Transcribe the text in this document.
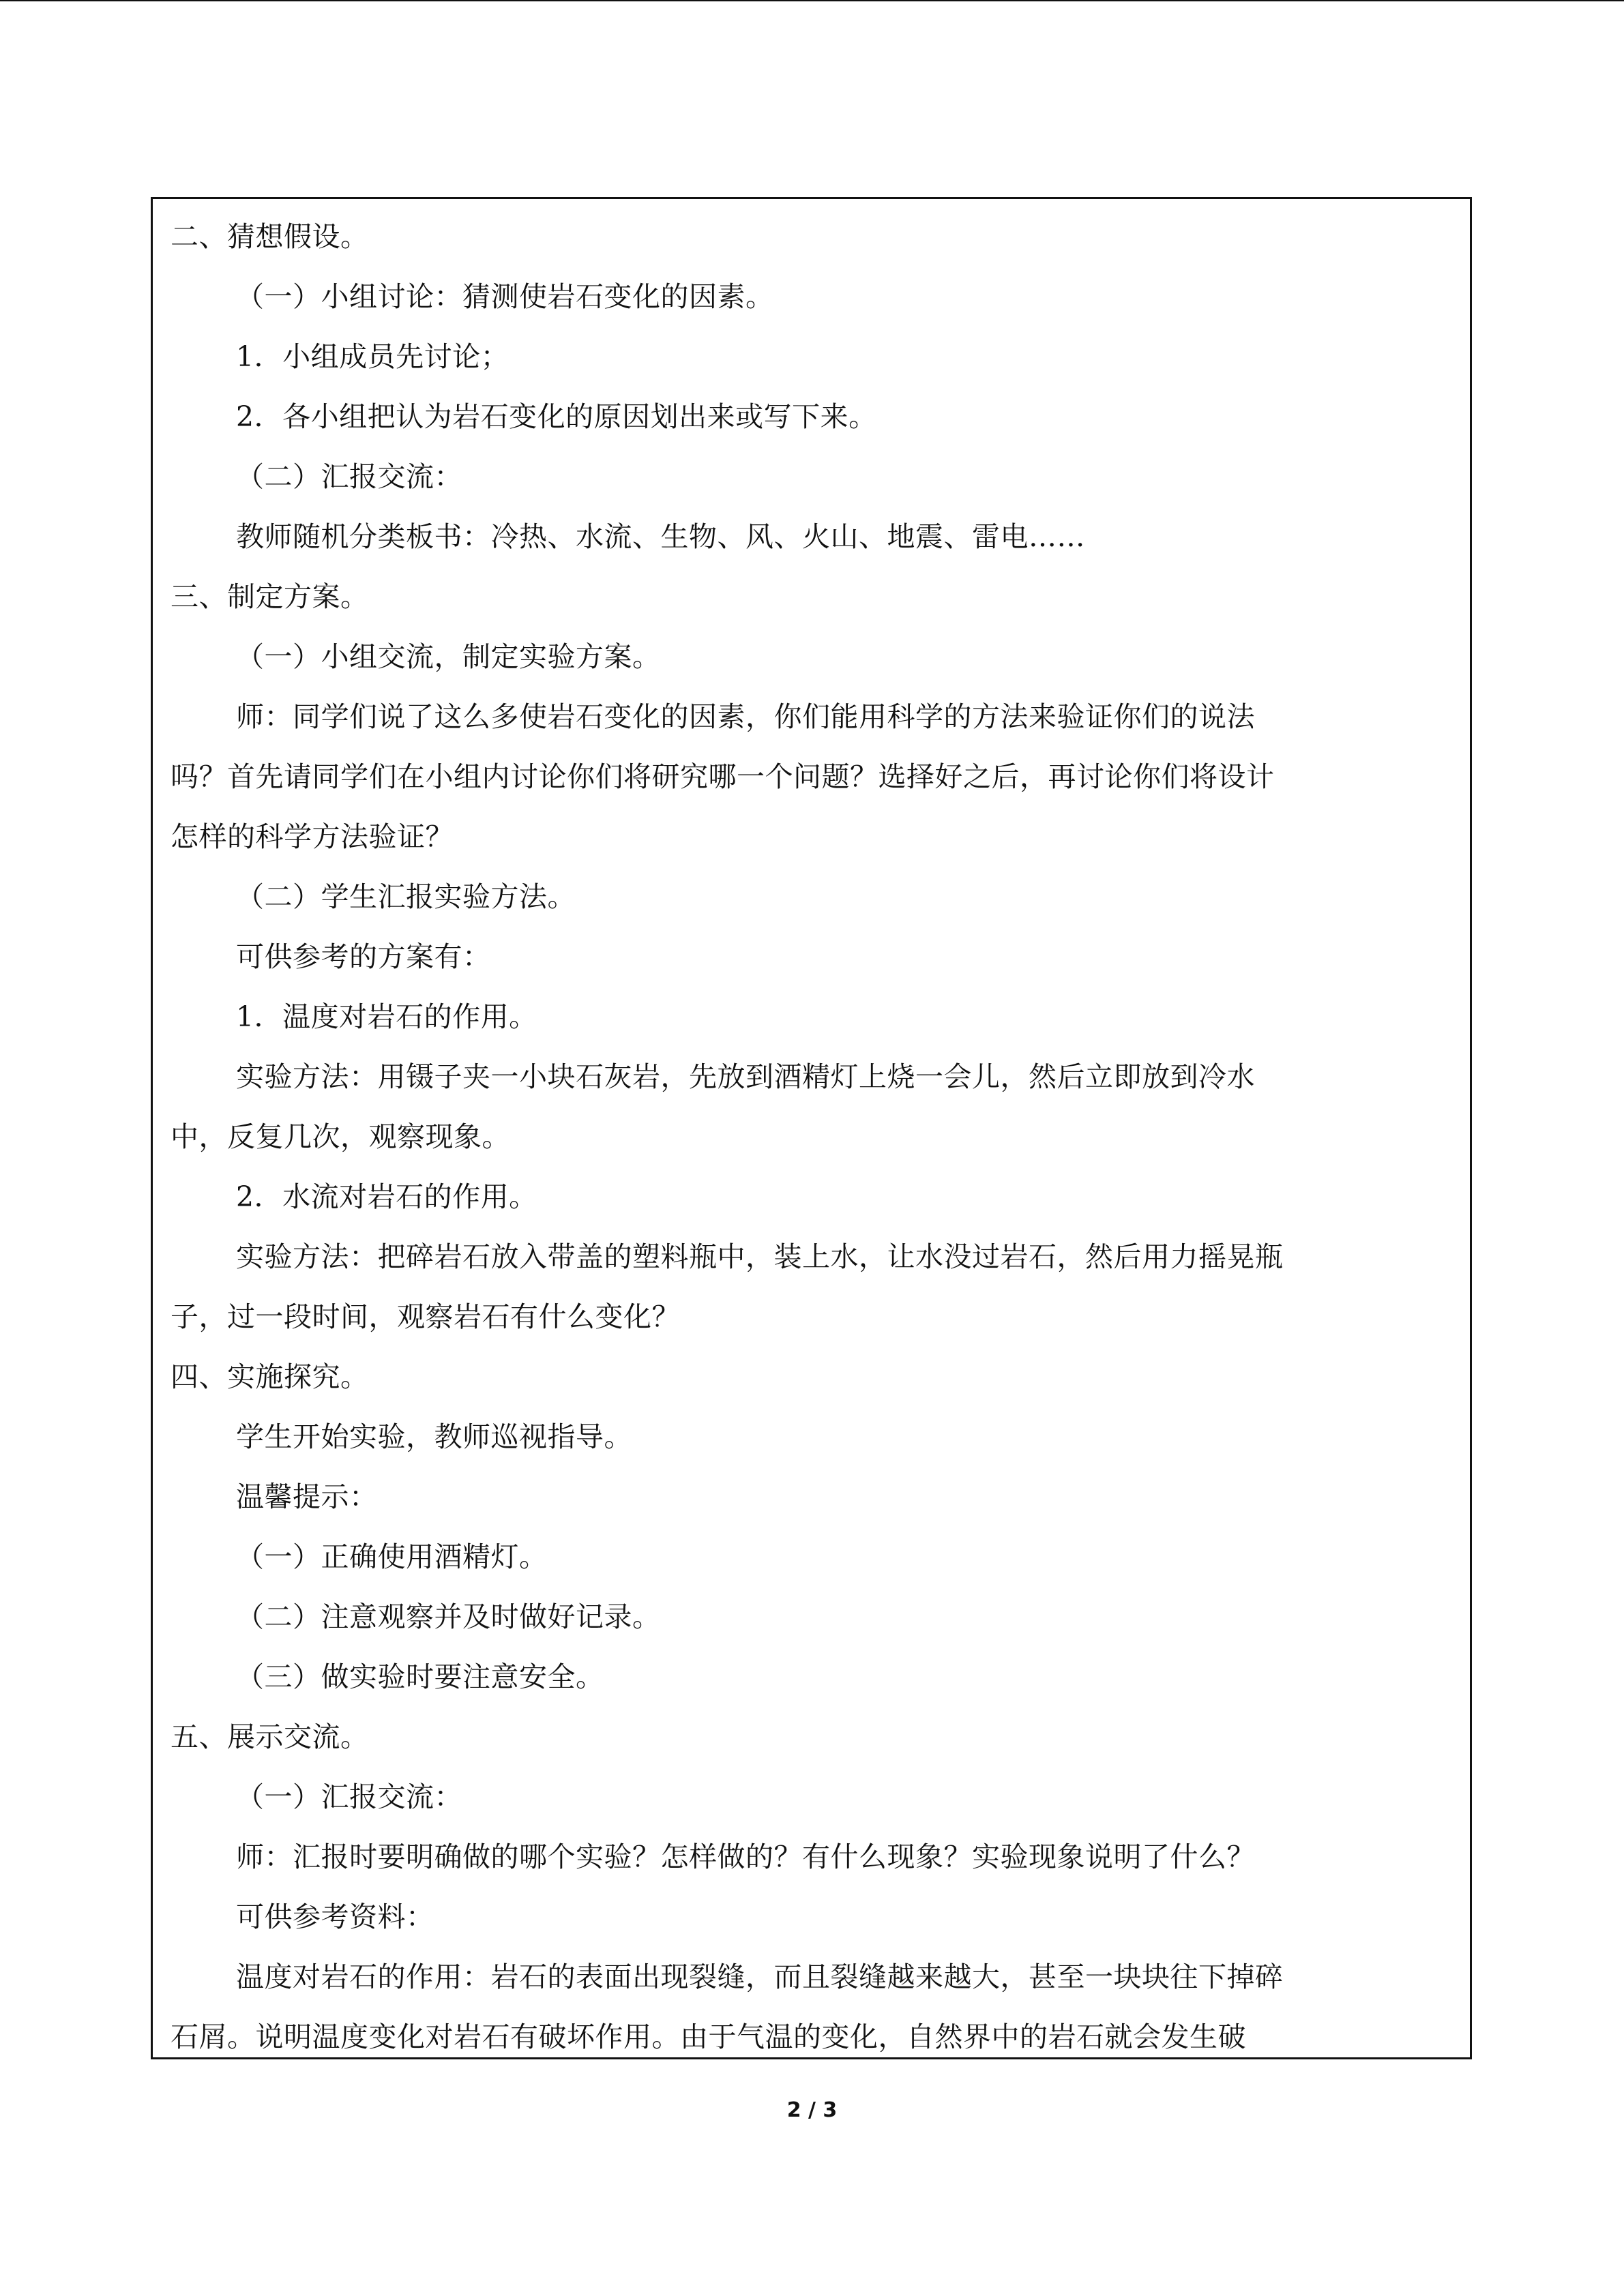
二、猜想假设。
（一）小组讨论：猜测使岩石变化的因素。
1．小组成员先讨论；
2．各小组把认为岩石变化的原因划出来或写下来。
（二）汇报交流：
教师随机分类板书：冷热、水流、生物、风、火山、地震、雷电……
三、制定方案。
（一）小组交流，制定实验方案。
师：同学们说了这么多使岩石变化的因素，你们能用科学的方法来验证你们的说法
吗？首先请同学们在小组内讨论你们将研究哪一个问题？选择好之后，再讨论你们将设计
怎样的科学方法验证？
（二）学生汇报实验方法。
可供参考的方案有：
1．温度对岩石的作用。
实验方法：用镊子夹一小块石灰岩，先放到酒精灯上烧一会儿，然后立即放到冷水
中，反复几次，观察现象。
2．水流对岩石的作用。
实验方法：把碎岩石放入带盖的塑料瓶中，装上水，让水没过岩石，然后用力摇晃瓶
子，过一段时间，观察岩石有什么变化？
四、实施探究。
学生开始实验，教师巡视指导。
温馨提示：
（一）正确使用酒精灯。
（二）注意观察并及时做好记录。
（三）做实验时要注意安全。
五、展示交流。
（一）汇报交流：
师：汇报时要明确做的哪个实验？怎样做的？有什么现象？实验现象说明了什么？
可供参考资料：
温度对岩石的作用：岩石的表面出现裂缝，而且裂缝越来越大，甚至一块块往下掉碎
石屑。说明温度变化对岩石有破坏作用。由于气温的变化，自然界中的岩石就会发生破
2 / 3
